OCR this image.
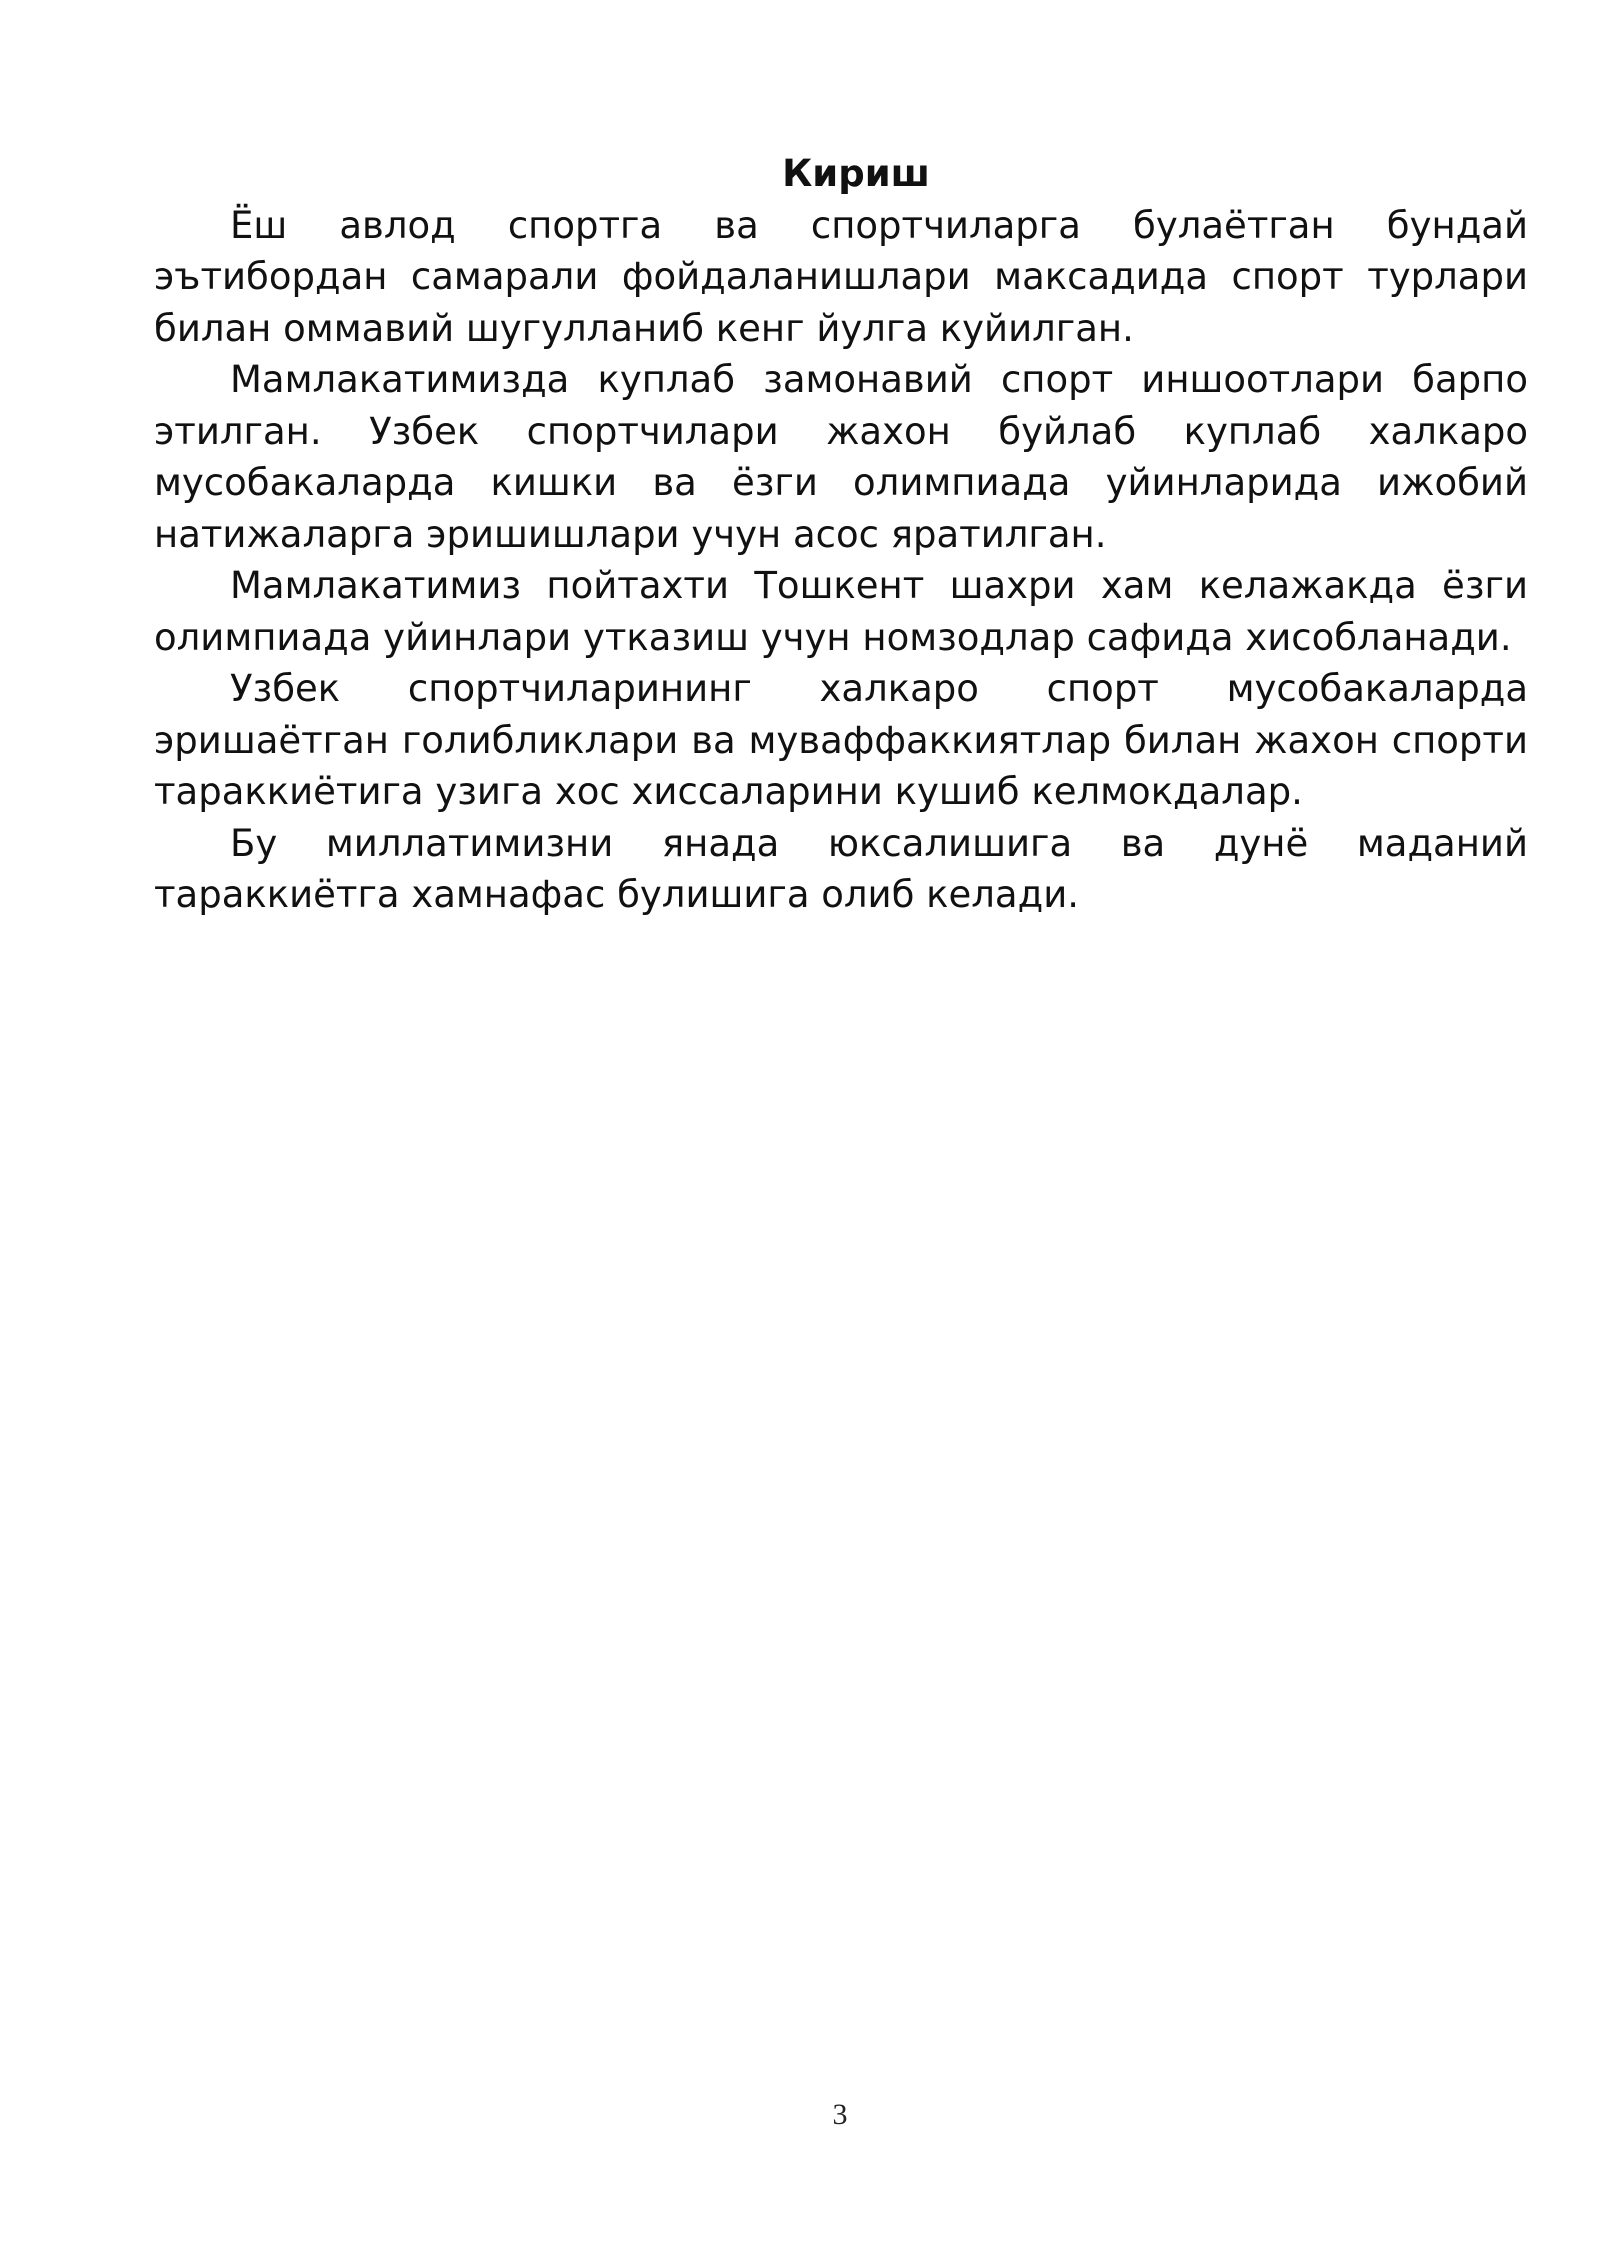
Кириш

Ёш авлод спортга ва спортчиларга булаётган бундай эътибордан самарали фойдаланишлари максадида спорт турлари билан оммавий шугулланиб кенг йулга куйилган.

Мамлакатимизда куплаб замонавий спорт иншоотлари барпо этилган. Узбек спортчилари жахон буйлаб куплаб халкаро мусобакаларда кишки ва ёзги олимпиада уйинларида ижобий натижаларга эришишлари учун асос яратилган.

Мамлакатимиз пойтахти Тошкент шахри хам келажакда ёзги олимпиада уйинлари утказиш учун номзодлар сафида хисобланади.

Узбек спортчиларининг халкаро спорт мусобакаларда эришаётган голибликлари ва муваффаккиятлар билан жахон спорти тараккиётига узига хос хиссаларини кушиб келмокдалар.

Бу миллатимизни янада юксалишига ва дунё маданий тараккиётга хамнафас булишига олиб келади.

3
